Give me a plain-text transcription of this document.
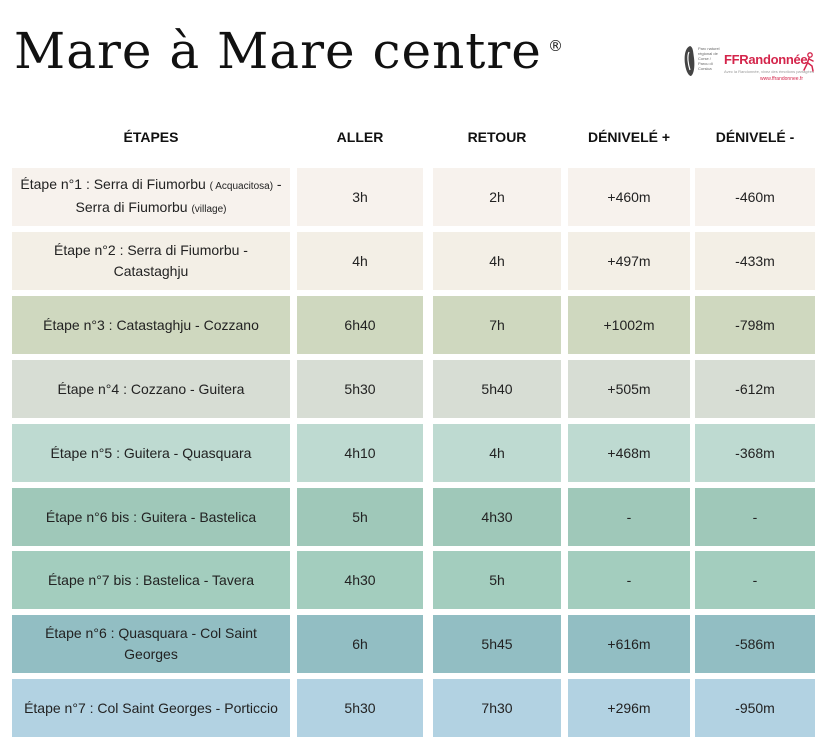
Mare à Mare centre ®	Parc naturel régional de Corse / Parcu di Corsica
FFRandonnée
Avec la Randonnée, vivez des émotions partagées
www.ffrandonnee.fr
ÉTAPES	ALLER	RETOUR	DÉNIVELÉ +	DÉNIVELÉ -
Étape n°1 : Serra di Fiumorbu ( Acquacitosa) -
Serra di Fiumorbu (village)
3h	2h	+460m	-460m
Étape n°2 : Serra di Fiumorbu -
Catastaghju
4h	4h	+497m	-433m
Étape n°3 : Catastaghju - Cozzano	6h40	7h	+1002m	-798m
Étape n°4 : Cozzano - Guitera	5h30	5h40	+505m	-612m
Étape n°5 : Guitera - Quasquara	4h10	4h	+468m	-368m
Étape n°6 bis : Guitera - Bastelica	5h	4h30	-	-
Étape n°7 bis : Bastelica - Tavera	4h30	5h	-	-
Étape n°6 : Quasquara - Col Saint
Georges
6h	5h45	+616m	-586m
Étape n°7 : Col Saint Georges - Porticcio	5h30	7h30	+296m	-950m
